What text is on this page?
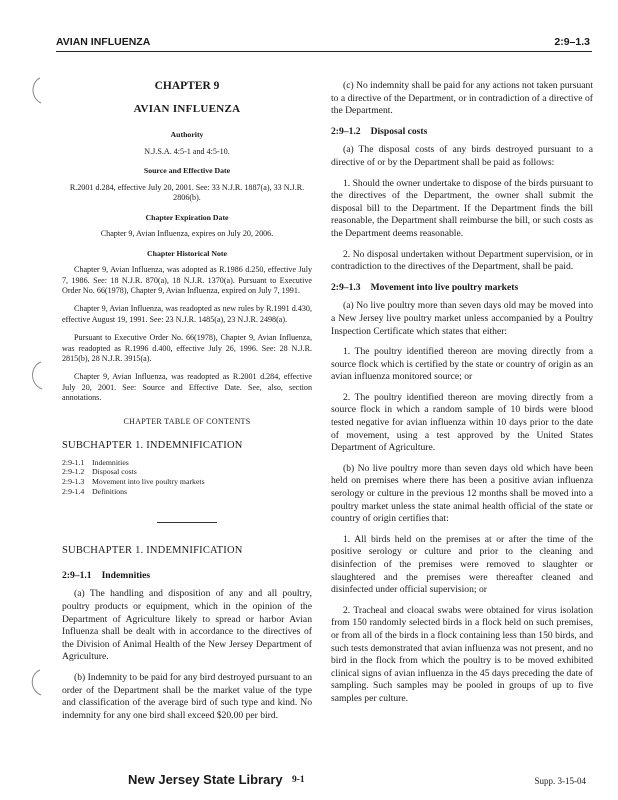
AVIAN INFLUENZA	2:9–1.3
CHAPTER 9
AVIAN INFLUENZA
Authority

N.J.S.A. 4:5-1 and 4:5-10.

Source and Effective Date

R.2001 d.284, effective July 20, 2001. See: 33 N.J.R. 1887(a), 33 N.J.R. 2806(b).

Chapter Expiration Date

Chapter 9, Avian Influenza, expires on July 20, 2006.

Chapter Historical Note

Chapter 9, Avian Influenza, was adopted as R.1986 d.250, effective July 7, 1986. See: 18 N.J.R. 870(a), 18 N.J.R. 1370(a). Pursuant to Executive Order No. 66(1978), Chapter 9, Avian Influenza, expired on July 7, 1991.

Chapter 9, Avian Influenza, was readopted as new rules by R.1991 d.430, effective August 19, 1991. See: 23 N.J.R. 1485(a), 23 N.J.R. 2498(a).

Pursuant to Executive Order No. 66(1978), Chapter 9, Avian Influenza, was readopted as R.1996 d.400, effective July 26, 1996. See: 28 N.J.R. 2815(b), 28 N.J.R. 3915(a).

Chapter 9, Avian Influenza, was readopted as R.2001 d.284, effective July 20, 2001. See: Source and Effective Date. See, also, section annotations.

CHAPTER TABLE OF CONTENTS
SUBCHAPTER 1. INDEMNIFICATION
2:9-1.1 Indemnities
2:9-1.2 Disposal costs
2:9-1.3 Movement into live poultry markets
2:9-1.4 Definitions
SUBCHAPTER 1. INDEMNIFICATION
2:9–1.1 Indemnities

(a) The handling and disposition of any and all poultry, poultry products or equipment, which in the opinion of the Department of Agriculture likely to spread or harbor Avian Influenza shall be dealt with in accordance to the directives of the Division of Animal Health of the New Jersey Department of Agriculture.

(b) Indemnity to be paid for any bird destroyed pursuant to an order of the Department shall be the market value of the type and classification of the average bird of such type and kind. No indemnity for any one bird shall exceed $20.00 per bird.

(c) No indemnity shall be paid for any actions not taken pursuant to a directive of the Department, or in contradiction of a directive of the Department.

2:9–1.2 Disposal costs

(a) The disposal costs of any birds destroyed pursuant to a directive of or by the Department shall be paid as follows:

1. Should the owner undertake to dispose of the birds pursuant to the directives of the Department, the owner shall submit the disposal bill to the Department. If the Department finds the bill reasonable, the Department shall reimburse the bill, or such costs as the Department deems reasonable.

2. No disposal undertaken without Department supervision, or in contradiction to the directives of the Department, shall be paid.

2:9–1.3 Movement into live poultry markets

(a) No live poultry more than seven days old may be moved into a New Jersey live poultry market unless accompanied by a Poultry Inspection Certificate which states that either:

1. The poultry identified thereon are moving directly from a source flock which is certified by the state or country of origin as an avian influenza monitored source; or

2. The poultry identified thereon are moving directly from a source flock in which a random sample of 10 birds were blood tested negative for avian influenza within 10 days prior to the date of movement, using a test approved by the United States Department of Agriculture.

(b) No live poultry more than seven days old which have been held on premises where there has been a positive avian influenza serology or culture in the previous 12 months shall be moved into a poultry market unless the state animal health official of the state or country of origin certifies that:

1. All birds held on the premises at or after the time of the positive serology or culture and prior to the cleaning and disinfection of the premises were removed to slaughter or slaughtered and the premises were thereafter cleaned and disinfected under official supervision; or

2. Tracheal and cloacal swabs were obtained for virus isolation from 150 randomly selected birds in a flock held on such premises, or from all of the birds in a flock containing less than 150 birds, and such tests demonstrated that avian influenza was not present, and no bird in the flock from which the poultry is to be moved exhibited clinical signs of avian influenza in the 45 days preceding the date of sampling. Such samples may be pooled in groups of up to five samples per culture.

New Jersey State Library 9-1	Supp. 3-15-04
